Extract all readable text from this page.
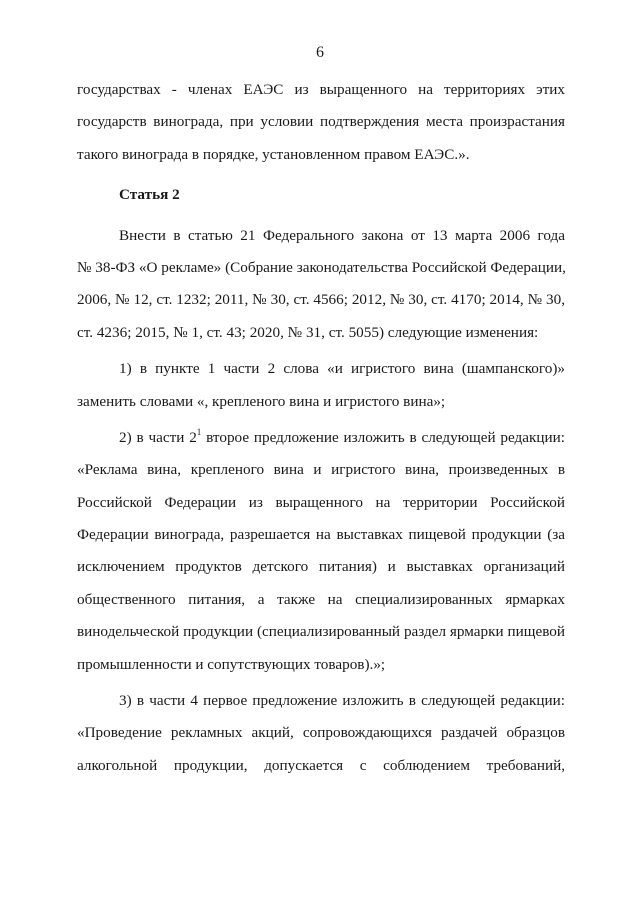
6
государствах - членах ЕАЭС из выращенного на территориях этих
государств винограда, при условии подтверждения места произрастания
такого винограда в порядке, установленном правом ЕАЭС.».
Статья 2
Внести в статью 21 Федерального закона от 13 марта 2006 года
№ 38-ФЗ «О рекламе» (Собрание законодательства Российской Федерации,
2006, № 12, ст. 1232; 2011, № 30, ст. 4566; 2012, № 30, ст. 4170; 2014, № 30,
ст. 4236; 2015, № 1, ст. 43; 2020, № 31, ст. 5055) следующие изменения:
1) в пункте 1 части 2 слова «и игристого вина (шампанского)»
заменить словами «, крепленого вина и игристого вина»;
2) в части $2^1$ второе предложение изложить в следующей редакции:
«Реклама вина, крепленого вина и игристого вина, произведенных в
Российской Федерации из выращенного на территории Российской
Федерации винограда, разрешается на выставках пищевой продукции (за
исключением продуктов детского питания) и выставках организаций
общественного питания, а также на специализированных ярмарках
винодельческой продукции (специализированный раздел ярмарки пищевой
промышленности и сопутствующих товаров).»;
3) в части 4 первое предложение изложить в следующей редакции:
«Проведение рекламных акций, сопровождающихся раздачей образцов
алкогольной продукции, допускается с соблюдением требований,
